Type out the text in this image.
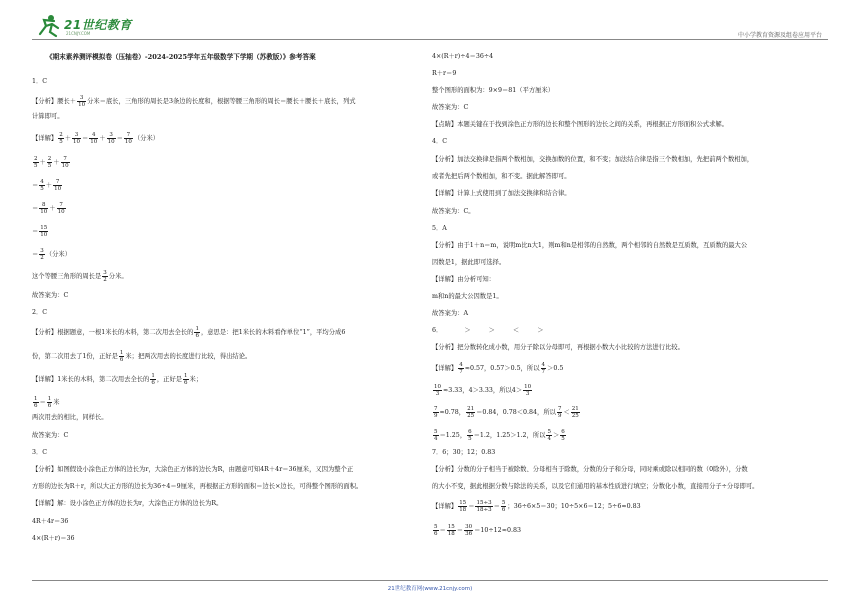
21世纪教育
21CNJY.COM	中小学教育资源及组卷应用平台
《期末素养测评模拟卷（压轴卷）-2024-2025学年五年级数学下学期（苏教版）》参考答案
1．C
【分析】腰长＋ $\frac{3}{10}$ 分米＝底长，三角形的周长是3条边的长度和，根据等腰三角形的周长＝腰长＋腰长＋底长，列式
计算即可。
【详解】 $\frac{2}{5} + \frac{3}{10} = \frac{4}{10} + \frac{3}{10} = \frac{7}{10}$ （分米）
$\frac{2}{5} + \frac{2}{5} + \frac{7}{10}$
＝ $\frac{4}{5} + \frac{7}{10}$
＝ $\frac{8}{10} + \frac{7}{10}$
＝ $\frac{15}{10}$
＝ $\frac{3}{2}$ （分米）
这个等腰三角形的周长是 $\frac{3}{2}$ 分米。
故答案为：C
2．C
【分析】根据题意，一根1米长的木料，第二次用去全长的 $\frac{1}{6}$ ，意思是：把1米长的木料看作单位“1”，平均分成6
份，第二次用去了1份，正好是 $\frac{1}{6}$ 米；把两次用去的长度进行比较，得出结论。
【详解】1米长的木料，第二次用去全长的 $\frac{1}{6}$ ，正好是 $\frac{1}{6}$ 米；
$\frac{1}{6} = \frac{1}{6}$ 米
两次用去的相比，同样长。
故答案为：C
3．C
【分析】如图假设小涂色正方体的边长为r，大涂色正方体的边长为R，由题意可知4R＋4r＝36厘米，又因为整个正
方形的边长为R＋r，所以大正方形的边长为36÷4＝9厘米，再根据正方形的面积＝边长×边长，可得整个图形的面积。
【详解】解：设小涂色正方体的边长为r，大涂色正方体的边长为R。
4R＋4r＝36
4×(R＋r)＝36
4×(R＋r)÷4＝36÷4
R＋r＝9
整个图形的面积为：9×9＝81（平方厘米）
故答案为：C
【点睛】本题关键在于找到涂色正方形的边长和整个图形的边长之间的关系，再根据正方形面积公式求解。
4．C
【分析】加法交换律是指两个数相加，交换加数的位置，和不变；加法结合律是指三个数相加，先把前两个数相加，
或者先把后两个数相加，和不变。据此解答即可。
【详解】计算上式使用到了加法交换律和结合律。
故答案为：C。
5．A
【分析】由于1＋n＝m，说明m比n大1，则m和n是相邻的自然数，两个相邻的自然数是互质数，互质数的最大公
因数是1，据此即可选择。
【详解】由分析可知：
m和n的最大公因数是1。
故答案为：A
6．	＞	＞	＜	＞
【分析】把分数转化成小数，用分子除以分母即可，再根据小数大小比较的方法进行比较。
【详解】 $\frac{4}{7} \approx 0.57$，0.57＞0.5，所以 $\frac{4}{7} >0.5$
$\frac{10}{3} \approx 3.33$，4＞3.33，所以$4> \frac{10}{3}$
$\frac{7}{9} \approx 0.78$， $\frac{21}{25} =0.84$，0.78＜0.84，所以 $\frac{7}{9} < \frac{21}{25}$
$\frac{5}{4} =1.25$， $\frac{6}{5} =1.2$，1.25＞1.2，所以 $\frac{5}{4} > \frac{6}{5}$
7．6；30；12；0.83
【分析】分数的分子相当于被除数、分母相当于除数，分数的分子和分母，同时乘或除以相同的数（0除外），分数
的大小不变，据此根据分数与除法的关系，以及它们通用的基本性质进行填空；分数化小数，直接用分子÷分母即可。
【详解】 $\frac{15}{18} = \frac{15\div 3}{18\div 3} = \frac{5}{6}$ ；36÷6×5＝30；10÷5×6＝12；5÷6≈0.83
$\frac{5}{6} = \frac{15}{18} = \frac{30}{36} =10\div 12\approx 0.83$
21世纪教育网(www.21cnjy.com)
